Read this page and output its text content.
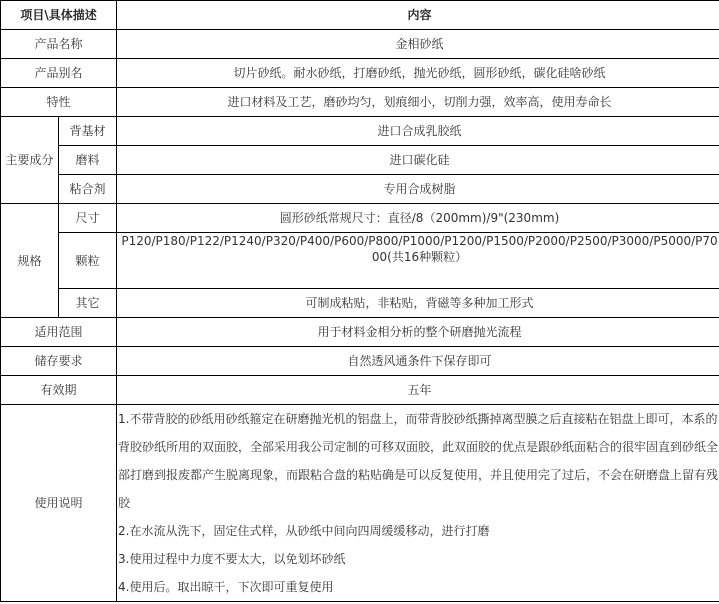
项目\具体描述		内容
产品名称		金相砂纸
产品别名		切片砂纸。耐水砂纸，打磨砂纸，抛光砂纸，圆形砂纸，碳化硅啥砂纸
特性		进口材料及工艺，磨砂均匀，划痕细小，切削力强，效率高，使用寿命长
主要成分	背基材	进口合成乳胶纸
	磨料	进口碳化硅
	粘合剂	专用合成树脂
规格	尺寸	圆形砂纸常规尺寸：直径/8（200mm)/9"(230mm)
	颗粒	P120/P180/P122/P1240/P320/P400/P600/P800/P1000/P1200/P1500/P2000/P2500/P3000/P5000/P7000(共16种颗粒）
	其它	可制成粘贴，非粘贴，背磁等多种加工形式
适用范围		用于材料金相分析的整个研磨抛光流程
储存要求		自然透风通条件下保存即可
有效期		五年
使用说明		1.不带背胶的砂纸用砂纸箍定在研磨抛光机的铝盘上，而带背胶砂纸撕掉离型膜之后直接粘在铝盘上即可，本系的背胶砂纸所用的双面胶，全部采用我公司定制的可移双面胶，此双面胶的优点是跟砂纸面粘合的很牢固直到砂纸全部打磨到报废都产生脱离现象，而跟粘合盘的粘贴确是可以反复使用，并且使用完了过后，不会在研磨盘上留有残胶
2.在水流从洗下，固定住式样，从砂纸中间向四周缓缓移动，进行打磨
3.使用过程中力度不要太大，以免划坏砂纸
4.使用后。取出晾干，下次即可重复使用
